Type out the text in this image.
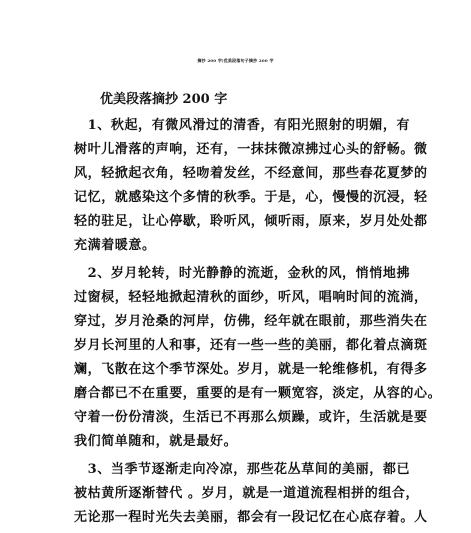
摘抄 200 字|优美段落句子摘抄 200 字
优美段落摘抄 200 字
　1、秋起，有微风滑过的清香，有阳光照射的明媚，有
树叶儿滑落的声响，还有，一抹抹微凉拂过心头的舒畅。微
风，轻掀起衣角，轻吻着发丝，不经意间，那些春花夏梦的
记忆，就感染这个多情的秋季。于是，心，慢慢的沉浸，轻
轻的驻足，让心停歇，聆听风，倾听雨，原来，岁月处处都
充满着暖意。
　2、岁月轮转，时光静静的流逝，金秋的风，悄悄地拂
过窗棂，轻轻地掀起清秋的面纱，听风，唱响时间的流淌，
穿过，岁月沧桑的河岸，仿佛，经年就在眼前，那些消失在
岁月长河里的人和事，还有一些一些的美丽，都化着点滴斑
斓，飞散在这个季节深处。岁月，就是一轮维修机，有得多
磨合都已不在重要，重要的是有一颗宽容，淡定，从容的心。
守着一份份清淡，生活已不再那么烦躁，或许，生活就是要
我们简单随和，就是最好。
　3、当季节逐渐走向冷凉，那些花丛草间的美丽，都已
被枯黄所逐渐替代 。岁月，就是一道道流程相拼的组合，
无论那一程时光失去美丽，都会有一段记忆在心底存着。人
